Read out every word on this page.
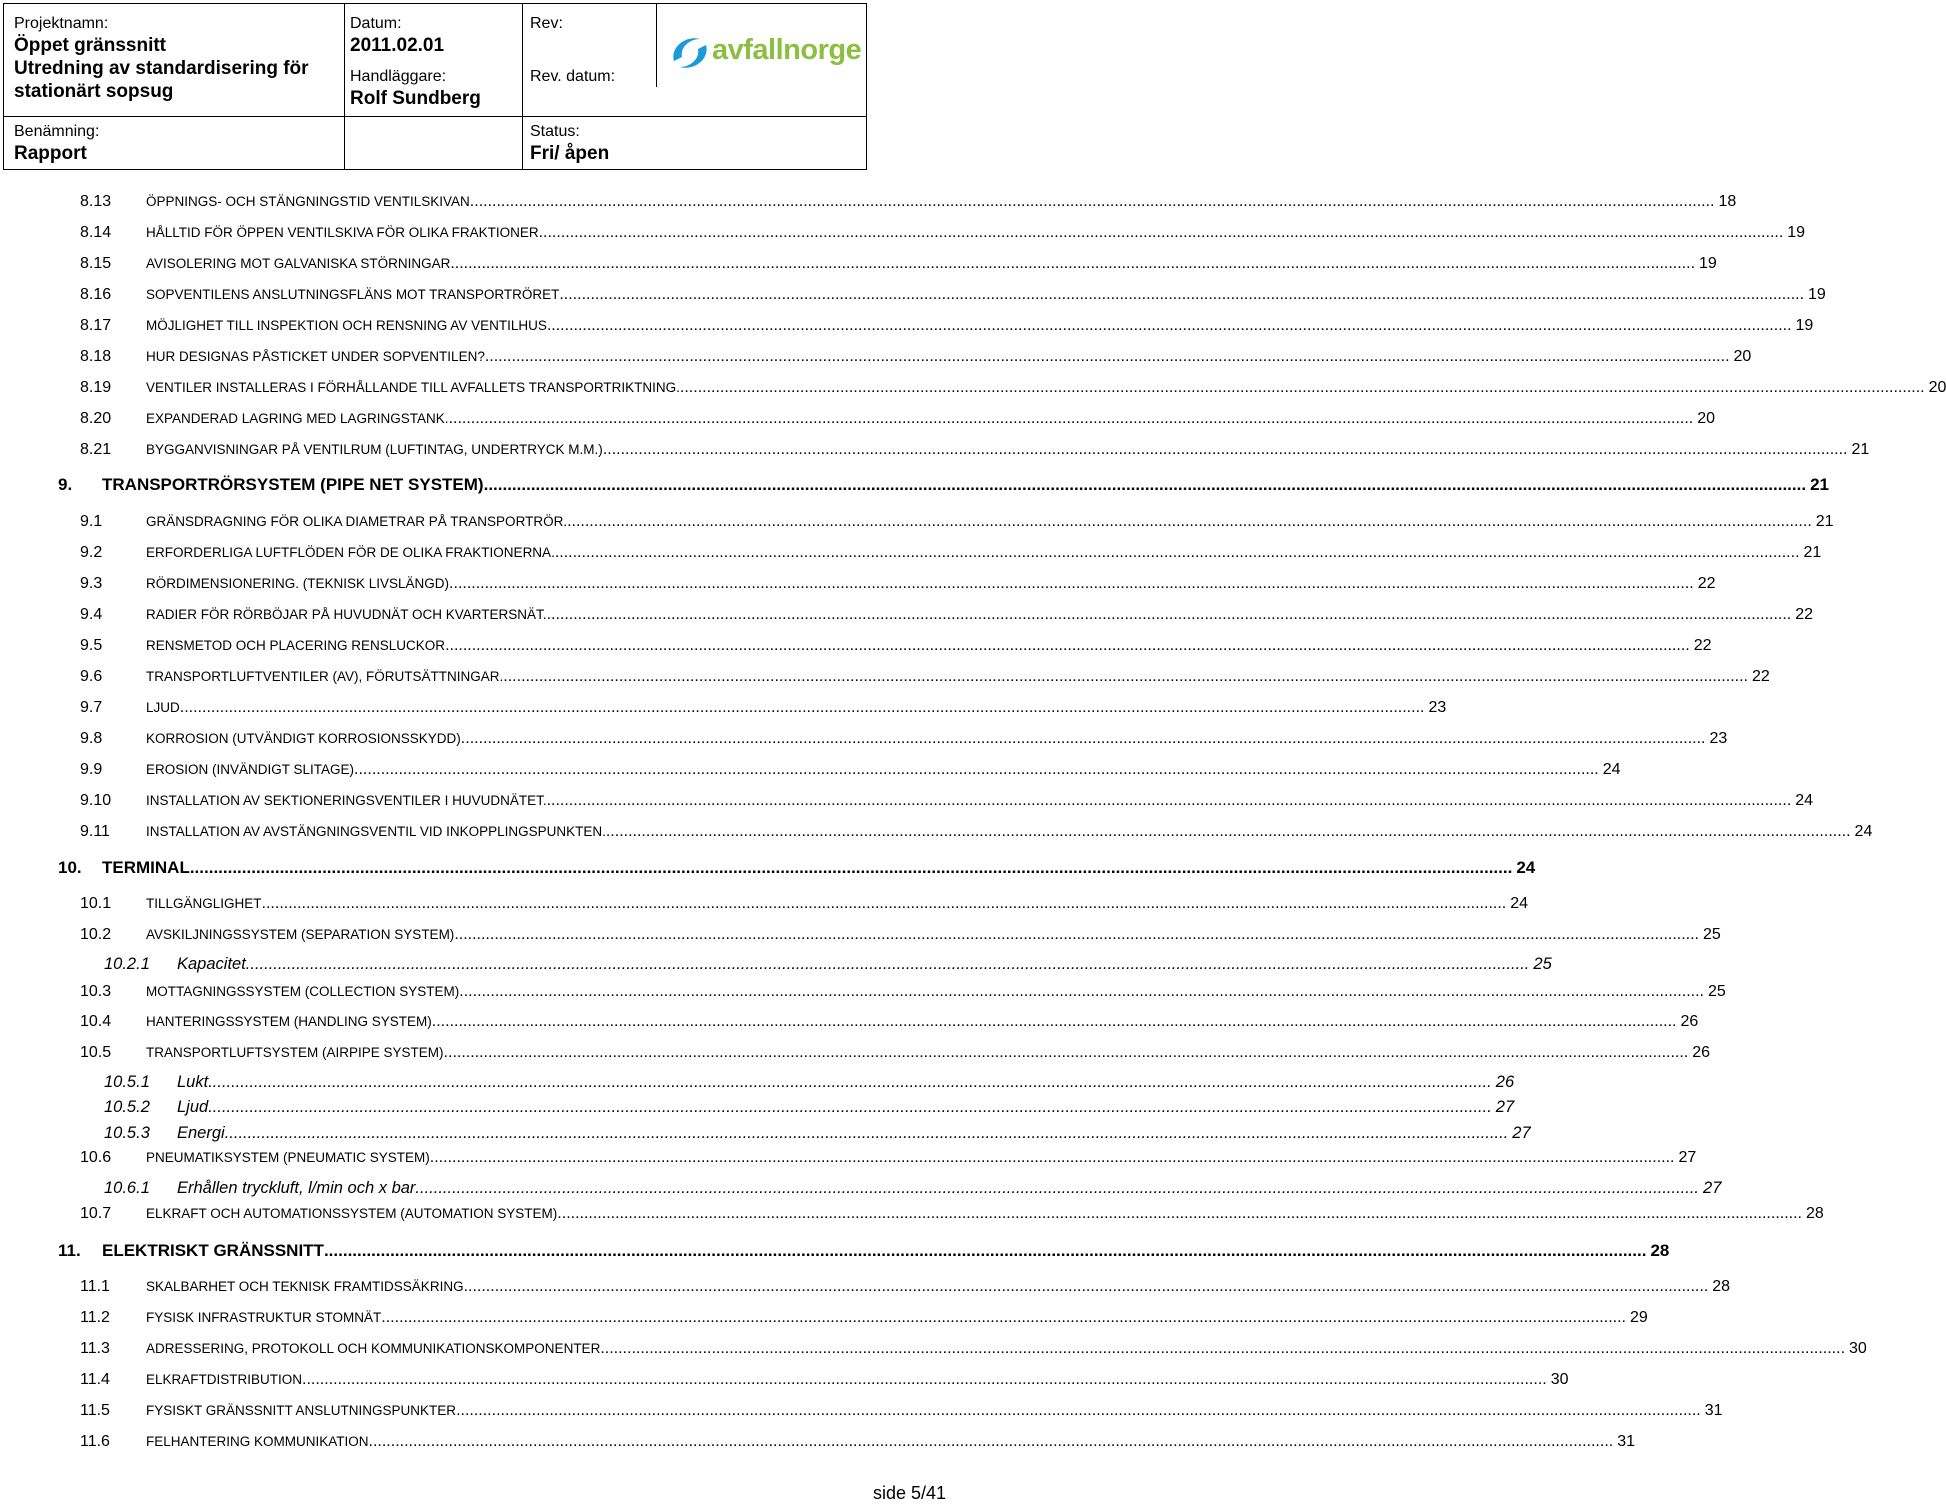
Projektnamn:
Öppet gränssnitt
Utredning av standardisering för
stationärt sopsug
Datum:
2011.02.01
Handläggare:
Rolf Sundberg
Rev:
Rev. datum:
avfallnorge
Benämning:
Rapport
Status:
Fri/ åpen
8.13	ÖPPNINGS- OCH STÄNGNINGSTID VENTILSKIVAN .....	18
8.14	HÅLLTID FÖR ÖPPEN VENTILSKIVA FÖR OLIKA FRAKTIONER .....	19
8.15	AVISOLERING MOT GALVANISKA STÖRNINGAR .....	19
8.16	SOPVENTILENS ANSLUTNINGSFLÄNS MOT TRANSPORTRÖRET .....	19
8.17	MÖJLIGHET TILL INSPEKTION OCH RENSNING AV VENTILHUS .....	19
8.18	HUR DESIGNAS PÅSTICKET UNDER SOPVENTILEN? .....	20
8.19	VENTILER INSTALLERAS I FÖRHÅLLANDE TILL AVFALLETS TRANSPORTRIKTNING. .....	20
8.20	EXPANDERAD LAGRING MED LAGRINGSTANK. .....	20
8.21	BYGGANVISNINGAR PÅ VENTILRUM (LUFTINTAG, UNDERTRYCK M.M.) .....	21
9.	TRANSPORTRÖRSYSTEM (PIPE NET SYSTEM) .....	21
9.1	GRÄNSDRAGNING FÖR OLIKA DIAMETRAR PÅ TRANSPORTRÖR. .....	21
9.2	ERFORDERLIGA LUFTFLÖDEN FÖR DE OLIKA FRAKTIONERNA. .....	21
9.3	RÖRDIMENSIONERING. (TEKNISK LIVSLÄNGD) .....	22
9.4	RADIER FÖR RÖRBÖJAR PÅ HUVUDNÄT OCH KVARTERSNÄT. .....	22
9.5	RENSMETOD OCH PLACERING RENSLUCKOR .....	22
9.6	TRANSPORTLUFTVENTILER (AV), FÖRUTSÄTTNINGAR. .....	22
9.7	LJUD .....	23
9.8	KORROSION (UTVÄNDIGT KORROSIONSSKYDD) .....	23
9.9	EROSION (INVÄNDIGT SLITAGE) .....	24
9.10	INSTALLATION AV SEKTIONERINGSVENTILER I HUVUDNÄTET. .....	24
9.11	INSTALLATION AV AVSTÄNGNINGSVENTIL VID INKOPPLINGSPUNKTEN. .....	24
10.	TERMINAL .....	24
10.1	TILLGÄNGLIGHET .....	24
10.2	AVSKILJNINGSSYSTEM (SEPARATION SYSTEM) .....	25
10.2.1	Kapacitet .....	25
10.3	MOTTAGNINGSSYSTEM (COLLECTION SYSTEM) .....	25
10.4	HANTERINGSSYSTEM (HANDLING SYSTEM) .....	26
10.5	TRANSPORTLUFTSYSTEM (AIRPIPE SYSTEM) .....	26
10.5.1	Lukt .....	26
10.5.2	Ljud .....	27
10.5.3	Energi .....	27
10.6	PNEUMATIKSYSTEM (PNEUMATIC SYSTEM) .....	27
10.6.1	Erhållen tryckluft, l/min och x bar .....	27
10.7	ELKRAFT OCH AUTOMATIONSSYSTEM (AUTOMATION SYSTEM) .....	28
11.	ELEKTRISKT GRÄNSSNITT .....	28
11.1	SKALBARHET OCH TEKNISK FRAMTIDSSÄKRING .....	28
11.2	FYSISK INFRASTRUKTUR STOMNÄT .....	29
11.3	ADRESSERING, PROTOKOLL OCH KOMMUNIKATIONSKOMPONENTER .....	30
11.4	ELKRAFTDISTRIBUTION .....	30
11.5	FYSISKT GRÄNSSNITT ANSLUTNINGSPUNKTER .....	31
11.6	FELHANTERING KOMMUNIKATION .....	31
side 5/41
